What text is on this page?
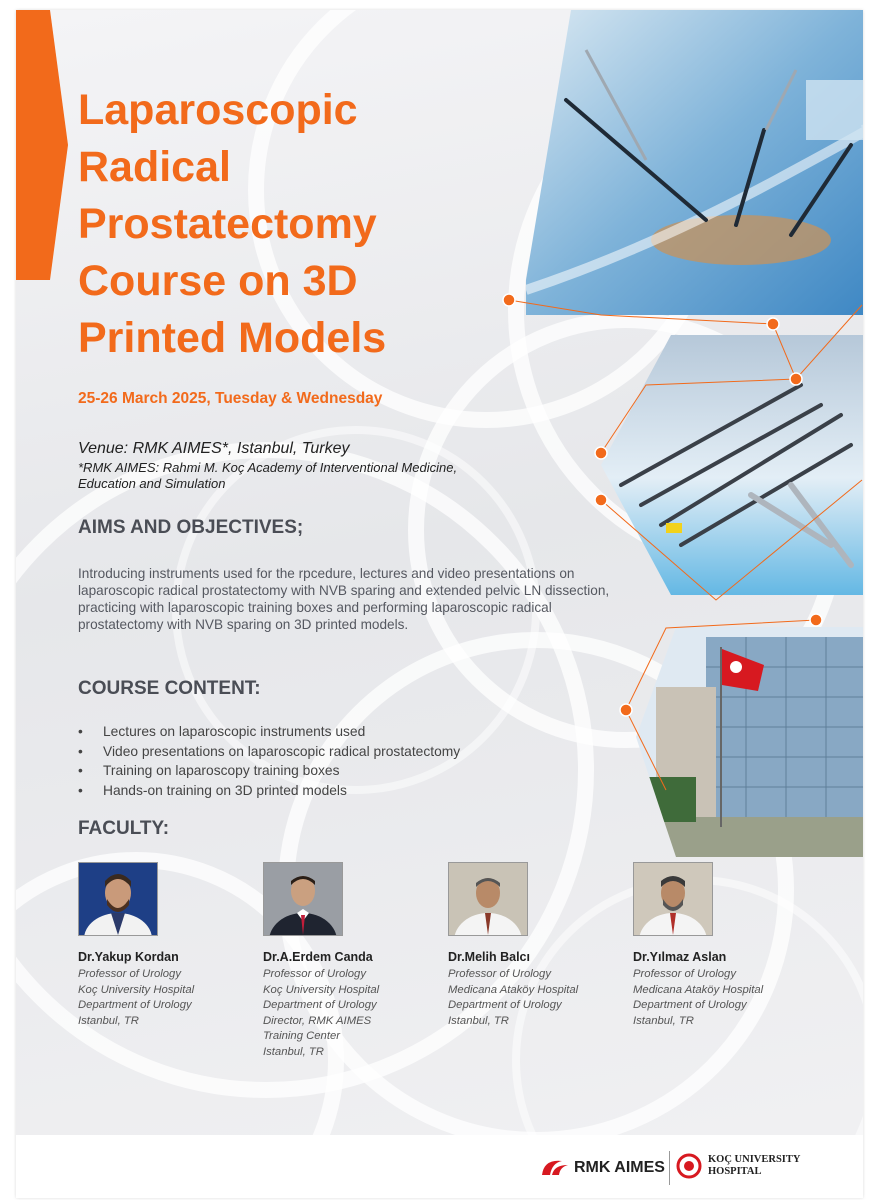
Laparoscopic Radical Prostatectomy Course on 3D Printed Models
25-26 March 2025, Tuesday & Wednesday
Venue: RMK AIMES*, Istanbul, Turkey
*RMK AIMES: Rahmi M. Koç Academy of Interventional Medicine, Education and Simulation
AIMS AND OBJECTIVES;
Introducing instruments used for the rpcedure, lectures and video presentations on laparoscopic radical prostatectomy with NVB sparing and extended pelvic LN dissection, practicing with laparoscopic training boxes and performing laparoscopic radical prostatectomy with NVB sparing on 3D printed models.
COURSE CONTENT:
• Lectures on laparoscopic instruments used
• Video presentations on laparoscopic radical prostatectomy
• Training on laparoscopy training boxes
• Hands-on training on 3D printed models
FACULTY:
Dr.Yakup Kordan
Professor of Urology
Koç University Hospital
Department of Urology
Istanbul, TR
Dr.A.Erdem Canda
Professor of Urology
Koç University Hospital
Department of Urology
Director, RMK AIMES
Training Center
Istanbul, TR
Dr.Melih Balcı
Professor of Urology
Medicana Ataköy Hospital
Department of Urology
Istanbul, TR
Dr.Yılmaz Aslan
Professor of Urology
Medicana Ataköy Hospital
Department of Urology
Istanbul, TR
RMK AIMES	KOÇ UNIVERSITY
HOSPITAL
